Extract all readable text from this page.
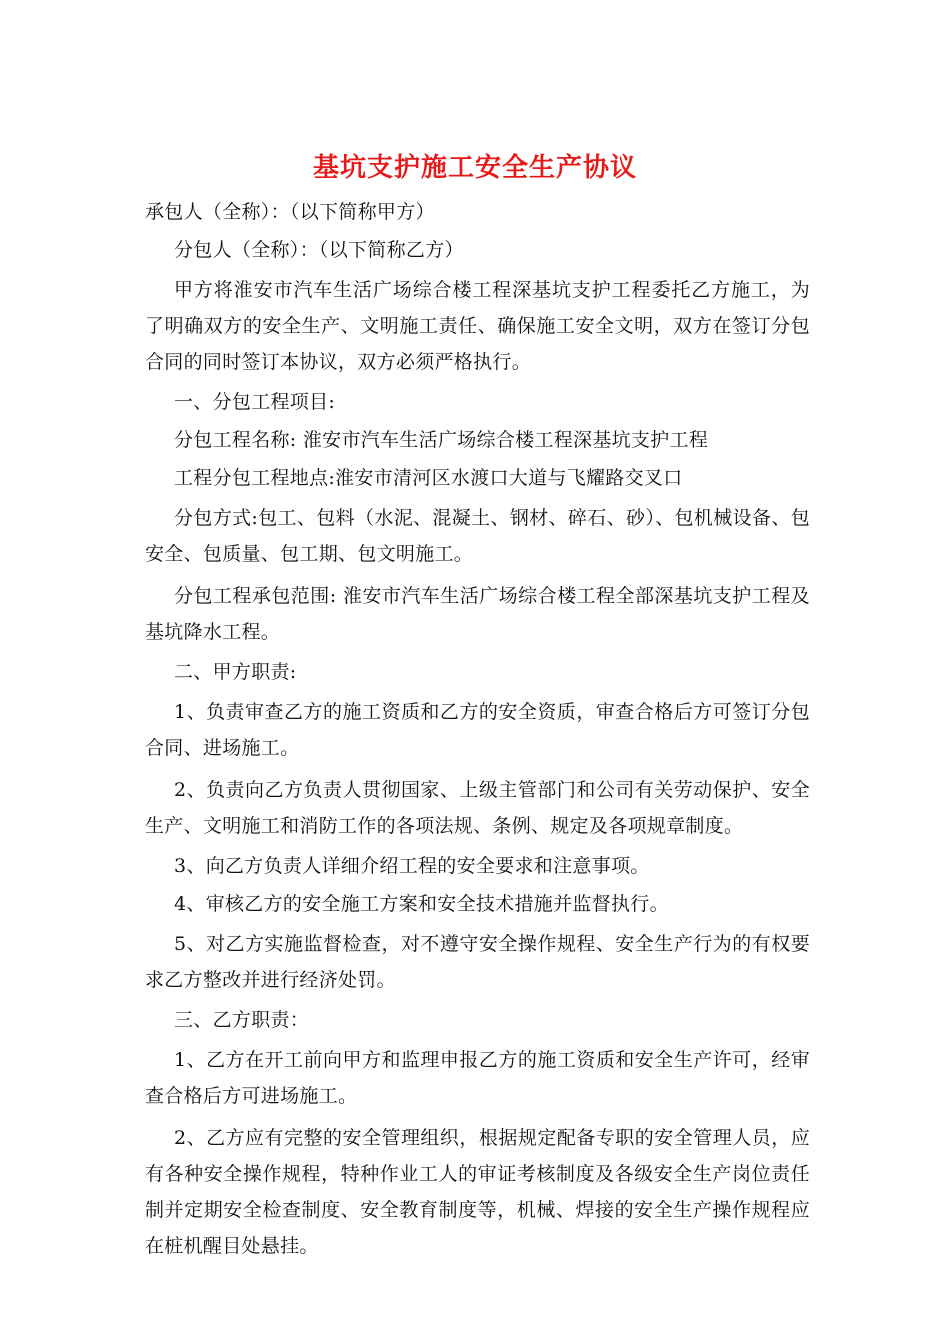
基坑支护施工安全生产协议

承包人（全称）：（以下简称甲方）

分包人（全称）：（以下简称乙方）

甲方将淮安市汽车生活广场综合楼工程深基坑支护工程委托乙方施工，为了明确双方的安全生产、文明施工责任、确保施工安全文明，双方在签订分包合同的同时签订本协议，双方必须严格执行。

一、分包工程项目:

分包工程名称: 淮安市汽车生活广场综合楼工程深基坑支护工程

工程分包工程地点:淮安市清河区水渡口大道与飞耀路交叉口

分包方式:包工、包料（水泥、混凝土、钢材、碎石、砂）、包机械设备、包安全、包质量、包工期、包文明施工。

分包工程承包范围: 淮安市汽车生活广场综合楼工程全部深基坑支护工程及基坑降水工程。

二、甲方职责:

1、负责审查乙方的施工资质和乙方的安全资质，审查合格后方可签订分包合同、进场施工。

2、负责向乙方负责人贯彻国家、上级主管部门和公司有关劳动保护、安全生产、文明施工和消防工作的各项法规、条例、规定及各项规章制度。

3、向乙方负责人详细介绍工程的安全要求和注意事项。

4、审核乙方的安全施工方案和安全技术措施并监督执行。

5、对乙方实施监督检查，对不遵守安全操作规程、安全生产行为的有权要求乙方整改并进行经济处罚。

三、乙方职责：

1、乙方在开工前向甲方和监理申报乙方的施工资质和安全生产许可，经审查合格后方可进场施工。

2、乙方应有完整的安全管理组织，根据规定配备专职的安全管理人员，应有各种安全操作规程，特种作业工人的审证考核制度及各级安全生产岗位责任制并定期安全检查制度、安全教育制度等，机械、焊接的安全生产操作规程应在桩机醒目处悬挂。
